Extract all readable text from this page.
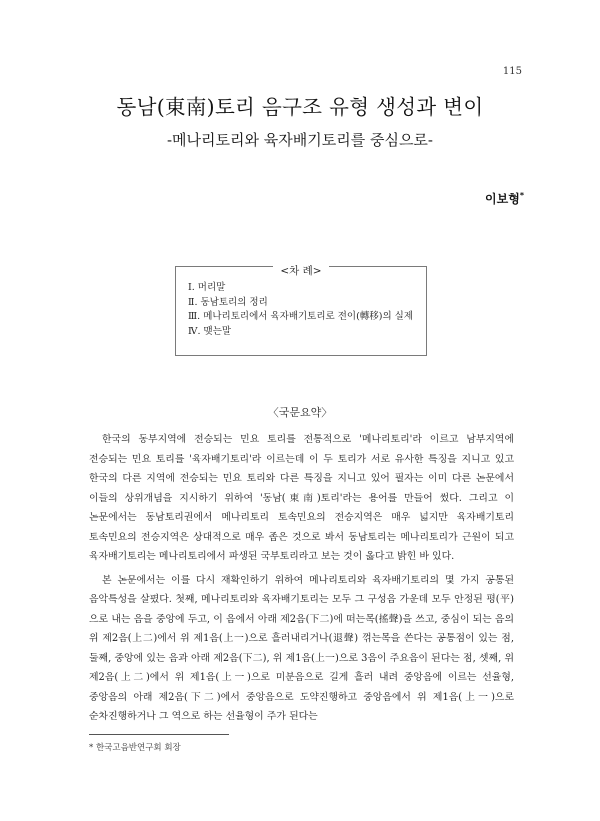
115
동남(東南)토리 음구조 유형 생성과 변이
-메나리토리와 육자배기토리를 중심으로-
이보형*
<차 례>
Ⅰ. 머리말
Ⅱ. 동남토리의 정리
Ⅲ. 메나리토리에서 육자배기토리로 전이(轉移)의 실제
Ⅳ. 맺는말
〈국문요약〉

한국의 동부지역에 전승되는 민요 토리를 전통적으로 '메나리토리'라 이르고 남부지역에 전승되는 민요 토리를 '육자배기토리'라 이르는데 이 두 토리가 서로 유사한 특징을 지니고 있고 한국의 다른 지역에 전승되는 민요 토리와 다른 특징을 지니고 있어 필자는 이미 다른 논문에서 이들의 상위개념을 지시하기 위하여 '동남(東南)토리'라는 용어를 만들어 썼다. 그리고 이 논문에서는 동남토리권에서 메나리토리 토속민요의 전승지역은 매우 넓지만 육자배기토리 토속민요의 전승지역은 상대적으로 매우 좁은 것으로 봐서 동남토리는 메나리토리가 근원이 되고 육자배기토리는 메나리토리에서 파생된 국부토리라고 보는 것이 옳다고 밝힌 바 있다.

본 논문에서는 이를 다시 재확인하기 위하여 메나리토리와 육자배기토리의 몇 가지 공통된 음악특성을 살폈다. 첫째, 메나리토리와 육자배기토리는 모두 그 구성음 가운데 모두 안정된 평(平)으로 내는 음을 중앙에 두고, 이 음에서 아래 제2음(下二)에 떠는목(搖聲)을 쓰고, 중심이 되는 음의 위 제2음(上二)에서 위 제1음(上一)으로 흘러내리거나(退聲) 꺾는목을 쓴다는 공통점이 있는 점, 둘째, 중앙에 있는 음과 아래 제2음(下二), 위 제1음(上一)으로 3음이 주요음이 된다는 점, 셋째, 위 제2음(上二)에서 위 제1음(上一)으로 미분음으로 길게 흘러 내려 중앙음에 이르는 선율형, 중앙음의 아래 제2음(下二)에서 중앙음으로 도약진행하고 중앙음에서 위 제1음(上一)으로 순차진행하거나 그 역으로 하는 선율형이 주가 된다는

* 한국고음반연구회 회장
